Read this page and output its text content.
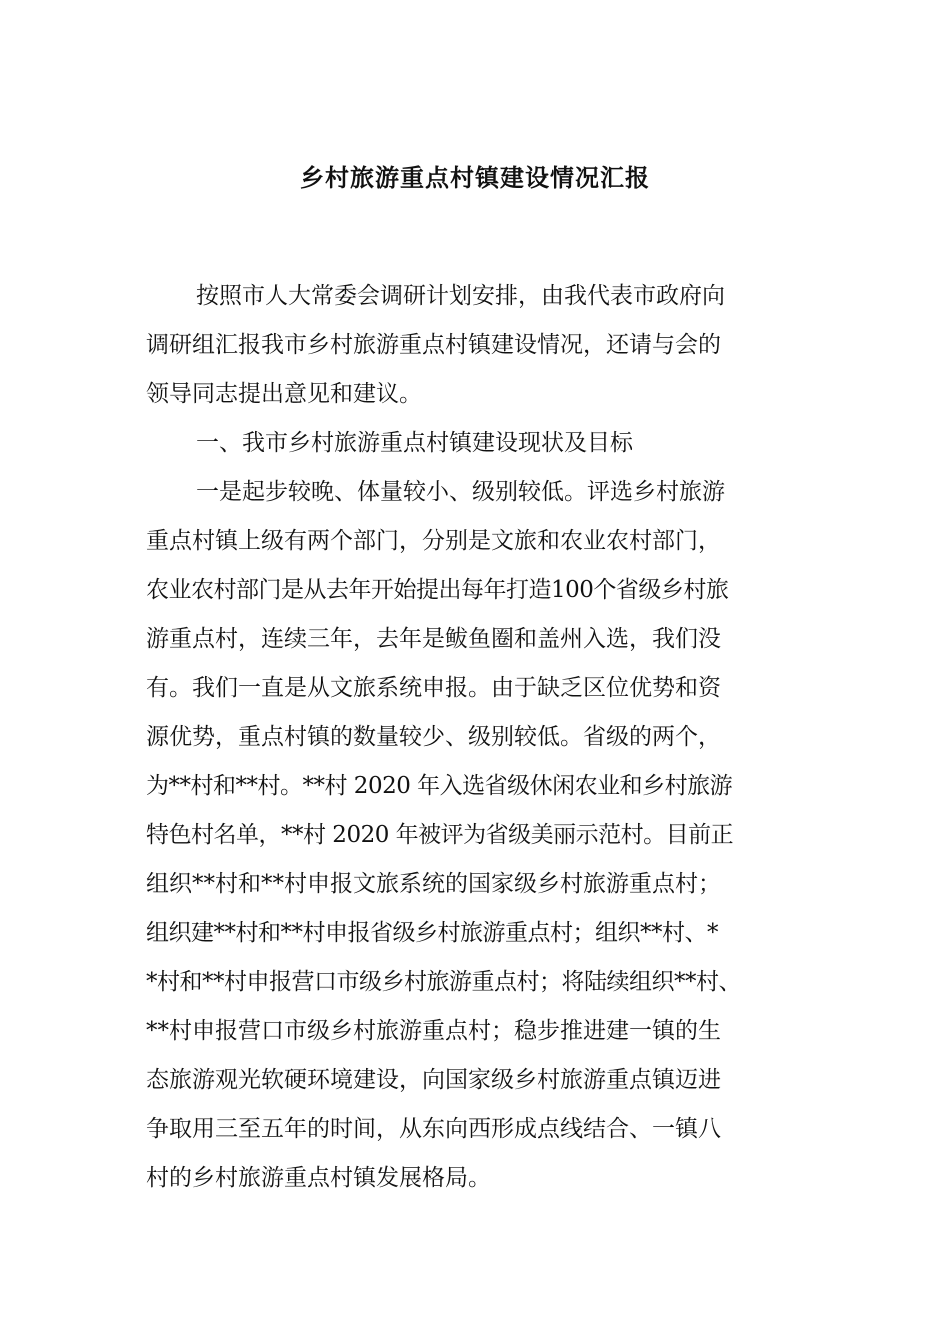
乡村旅游重点村镇建设情况汇报
按照市人大常委会调研计划安排，由我代表市政府向
调研组汇报我市乡村旅游重点村镇建设情况，还请与会的
领导同志提出意见和建议。
一、我市乡村旅游重点村镇建设现状及目标
一是起步较晚、体量较小、级别较低。评选乡村旅游
重点村镇上级有两个部门，分别是文旅和农业农村部门，
农业农村部门是从去年开始提出每年打造100个省级乡村旅
游重点村，连续三年，去年是鲅鱼圈和盖州入选，我们没
有。我们一直是从文旅系统申报。由于缺乏区位优势和资
源优势，重点村镇的数量较少、级别较低。省级的两个，
为**村和**村。**村 2020 年入选省级休闲农业和乡村旅游
特色村名单，**村 2020 年被评为省级美丽示范村。目前正
组织**村和**村申报文旅系统的国家级乡村旅游重点村；
组织建**村和**村申报省级乡村旅游重点村；组织**村、*
*村和**村申报营口市级乡村旅游重点村；将陆续组织**村、
**村申报营口市级乡村旅游重点村；稳步推进建一镇的生
态旅游观光软硬环境建设，向国家级乡村旅游重点镇迈进
争取用三至五年的时间，从东向西形成点线结合、一镇八
村的乡村旅游重点村镇发展格局。
